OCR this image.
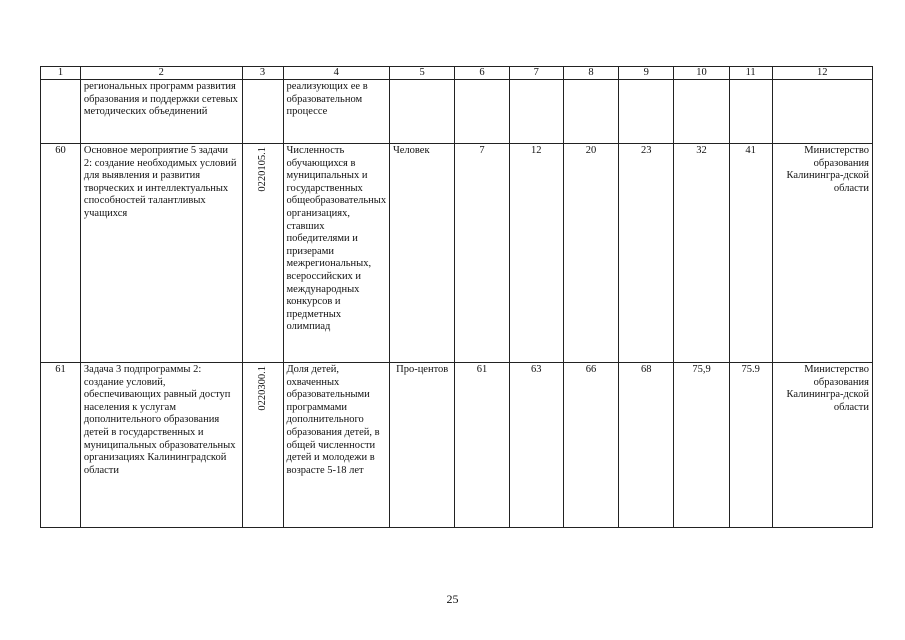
1	2	3	4	5	6	7	8	9	10	11	12
	региональных программ развития образования и поддержки сетевых методических объединений		реализующих ее в образовательном процессе								
60	Основное мероприятие 5 задачи 2: создание необходимых условий для выявления и развития творческих и интеллектуальных способностей талантливых учащихся	0220105.1	Численность обучающихся в муниципальных и государственных общеобразовательных организациях, ставших победителями и призерами межрегиональных, всероссийских и международных конкурсов и предметных олимпиад	Человек	7	12	20	23	32	41	Министерство образования Калинингра-дской области
61	Задача 3 подпрограммы 2: создание условий, обеспечивающих равный доступ населения к услугам дополнительного образования детей в государственных и муниципальных образовательных организациях Калининградской области	0220300.1	Доля детей, охваченных образовательными программами дополнительного образования детей, в общей численности детей и молодежи в возрасте 5-18 лет	Про-центов	61	63	66	68	75,9	75.9	Министерство образования Калинингра-дской области
25
